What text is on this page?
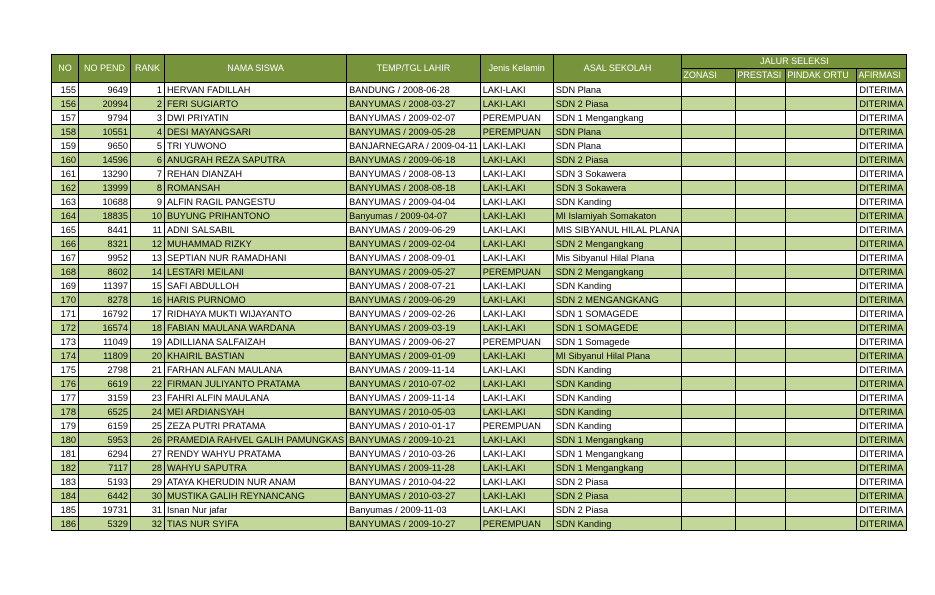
NO	NO PEND	RANK	NAMA SISWA	TEMP/TGL LAHIR	Jenis Kelamin	ASAL SEKOLAH	JALUR SELEKSI			
							ZONASI	PRESTASI	PINDAK ORTU	AFIRMASI
155	9649	1	HERVAN FADILLAH	BANDUNG / 2008-06-28	LAKI-LAKI	SDN Plana				DITERIMA
156	20994	2	FERI SUGIARTO	BANYUMAS / 2008-03-27	LAKI-LAKI	SDN 2 Piasa				DITERIMA
157	9794	3	DWI PRIYATIN	BANYUMAS / 2009-02-07	PEREMPUAN	SDN 1 Mengangkang				DITERIMA
158	10551	4	DESI MAYANGSARI	BANYUMAS / 2009-05-28	PEREMPUAN	SDN Plana				DITERIMA
159	9650	5	TRI YUWONO	BANJARNEGARA / 2009-04-11	LAKI-LAKI	SDN Plana				DITERIMA
160	14596	6	ANUGRAH REZA SAPUTRA	BANYUMAS / 2009-06-18	LAKI-LAKI	SDN 2 Piasa				DITERIMA
161	13290	7	REHAN DIANZAH	BANYUMAS / 2008-08-13	LAKI-LAKI	SDN 3 Sokawera				DITERIMA
162	13999	8	ROMANSAH	BANYUMAS / 2008-08-18	LAKI-LAKI	SDN 3 Sokawera				DITERIMA
163	10688	9	ALFIN RAGIL PANGESTU	BANYUMAS / 2009-04-04	LAKI-LAKI	SDN Kanding				DITERIMA
164	18835	10	BUYUNG PRIHANTONO	Banyumas / 2009-04-07	LAKI-LAKI	MI Islamiyah Somakaton				DITERIMA
165	8441	11	ADNI SALSABIL	BANYUMAS / 2009-06-29	LAKI-LAKI	MIS SIBYANUL HILAL PLANA				DITERIMA
166	8321	12	MUHAMMAD RIZKY	BANYUMAS / 2009-02-04	LAKI-LAKI	SDN 2 Mengangkang				DITERIMA
167	9952	13	SEPTIAN NUR RAMADHANI	BANYUMAS / 2008-09-01	LAKI-LAKI	Mis Sibyanul Hilal Plana				DITERIMA
168	8602	14	LESTARI MEILANI	BANYUMAS / 2009-05-27	PEREMPUAN	SDN 2 Mengangkang				DITERIMA
169	11397	15	SAFI ABDULLOH	BANYUMAS / 2008-07-21	LAKI-LAKI	SDN Kanding				DITERIMA
170	8278	16	HARIS PURNOMO	BANYUMAS / 2009-06-29	LAKI-LAKI	SDN 2 MENGANGKANG				DITERIMA
171	16792	17	RIDHAYA MUKTI WIJAYANTO	BANYUMAS / 2009-02-26	LAKI-LAKI	SDN 1 SOMAGEDE				DITERIMA
172	16574	18	FABIAN MAULANA WARDANA	BANYUMAS / 2009-03-19	LAKI-LAKI	SDN 1 SOMAGEDE				DITERIMA
173	11049	19	ADILLIANA SALFAIZAH	BANYUMAS / 2009-06-27	PEREMPUAN	SDN 1 Somagede				DITERIMA
174	11809	20	KHAIRIL BASTIAN	BANYUMAS / 2009-01-09	LAKI-LAKI	MI Sibyanul Hilal Plana				DITERIMA
175	2798	21	FARHAN ALFAN MAULANA	BANYUMAS / 2009-11-14	LAKI-LAKI	SDN Kanding				DITERIMA
176	6619	22	FIRMAN JULIYANTO PRATAMA	BANYUMAS / 2010-07-02	LAKI-LAKI	SDN Kanding				DITERIMA
177	3159	23	FAHRI ALFIN MAULANA	BANYUMAS / 2009-11-14	LAKI-LAKI	SDN Kanding				DITERIMA
178	6525	24	MEI ARDIANSYAH	BANYUMAS / 2010-05-03	LAKI-LAKI	SDN Kanding				DITERIMA
179	6159	25	ZEZA PUTRI PRATAMA	BANYUMAS / 2010-01-17	PEREMPUAN	SDN Kanding				DITERIMA
180	5953	26	PRAMEDIA RAHVEL GALIH PAMUNGKAS	BANYUMAS / 2009-10-21	LAKI-LAKI	SDN 1 Mengangkang				DITERIMA
181	6294	27	RENDY WAHYU PRATAMA	BANYUMAS / 2010-03-26	LAKI-LAKI	SDN 1 Mengangkang				DITERIMA
182	7117	28	WAHYU SAPUTRA	BANYUMAS / 2009-11-28	LAKI-LAKI	SDN 1 Mengangkang				DITERIMA
183	5193	29	ATAYA KHERUDIN NUR ANAM	BANYUMAS / 2010-04-22	LAKI-LAKI	SDN 2 Piasa				DITERIMA
184	6442	30	MUSTIKA GALIH REYNANCANG	BANYUMAS / 2010-03-27	LAKI-LAKI	SDN 2 Piasa				DITERIMA
185	19731	31	Isnan Nur jafar	Banyumas / 2009-11-03	LAKI-LAKI	SDN 2 Piasa				DITERIMA
186	5329	32	TIAS NUR SYIFA	BANYUMAS / 2009-10-27	PEREMPUAN	SDN Kanding				DITERIMA
